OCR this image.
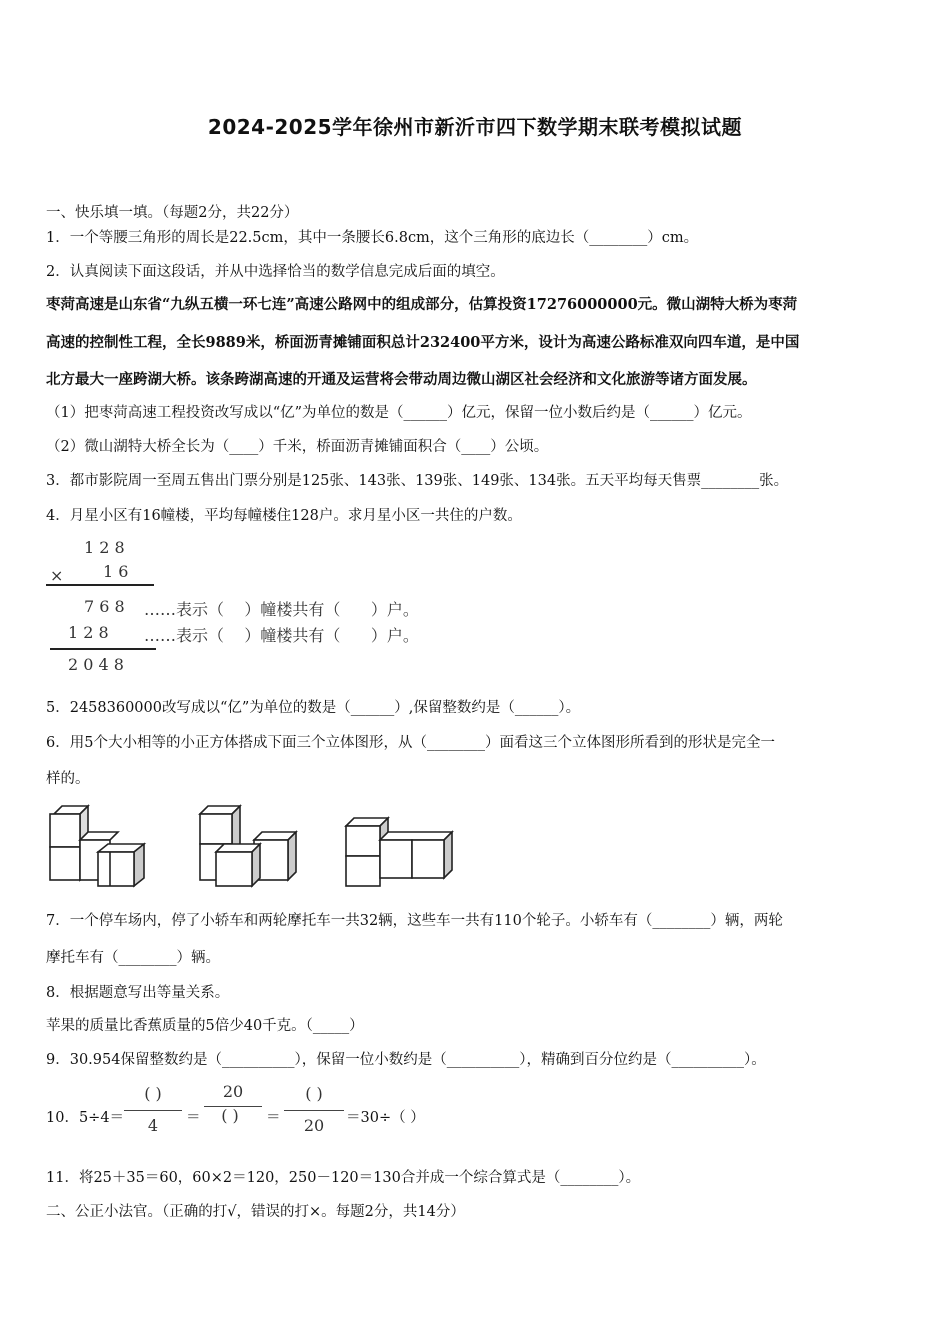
2024-2025学年徐州市新沂市四下数学期末联考模拟试题
一、快乐填一填。（每题2分，共22分）
1．一个等腰三角形的周长是22.5cm，其中一条腰长6.8cm，这个三角形的底边长（________）cm。
2．认真阅读下面这段话，并从中选择恰当的数学信息完成后面的填空。
枣菏高速是山东省“九纵五横一环七连”高速公路网中的组成部分，估算投资17276000000元。微山湖特大桥为枣菏
高速的控制性工程，全长9889米，桥面沥青摊铺面积总计232400平方米，设计为高速公路标准双向四车道，是中国
北方最大一座跨湖大桥。该条跨湖高速的开通及运营将会带动周边微山湖区社会经济和文化旅游等诸方面发展。
（1）把枣菏高速工程投资改写成以“亿”为单位的数是（______）亿元，保留一位小数后约是（______）亿元。
（2）微山湖特大桥全长为（____）千米，桥面沥青摊铺面积合（____）公顷。
3．都市影院周一至周五售出门票分别是125张、143张、139张、149张、134张。五天平均每天售票________张。
4．月星小区有16幢楼，平均每幢楼住128户。求月星小区一共住的户数。
1 2 8
× 1 6
7 6 8 ……表示（    ）幢楼共有（      ）户。
1 2 8 ……表示（    ）幢楼共有（      ）户。
2 0 4 8
5．2458360000改写成以“亿”为单位的数是（______）,保留整数约是（______）。
6．用5个大小相等的小正方体搭成下面三个立体图形，从（________）面看这三个立体图形所看到的形状是完全一
样的。
7．一个停车场内，停了小轿车和两轮摩托车一共32辆，这些车一共有110个轮子。小轿车有（________）辆，两轮
摩托车有（________）辆。
8．根据题意写出等量关系。
苹果的质量比香蕉质量的5倍少40千克。（_____）
9．30.954保留整数约是（__________），保留一位小数约是（__________），精确到百分位约是（__________）。
10．5÷4＝
( )
4	＝
20
( )	＝
( )
20	＝30÷（ ）
11．将25＋35＝60，60×2＝120，250－120＝130合并成一个综合算式是（________）。
二、公正小法官。（正确的打√，错误的打×。每题2分，共14分）
